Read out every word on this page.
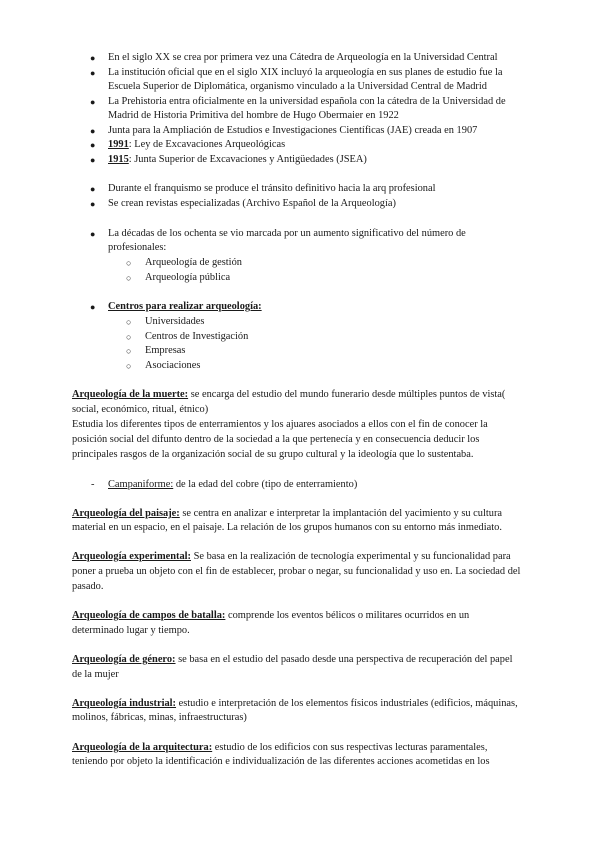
● En el siglo XX se crea por primera vez una Cátedra de Arqueología en la Universidad Central
● La institución oficial que en el siglo XIX incluyó la arqueología en sus planes de estudio fue la
Escuela Superior de Diplomática, organismo vinculado a la Universidad Central de Madrid
● La Prehistoria entra oficialmente en la universidad española con la cátedra de la Universidad de
Madrid de Historia Primitiva del hombre de Hugo Obermaier en 1922
● Junta para la Ampliación de Estudios e Investigaciones Científicas (JAE) creada en 1907
● 1991: Ley de Excavaciones Arqueológicas
● 1915: Junta Superior de Excavaciones y Antigüedades (JSEA)
● Durante el franquismo se produce el tránsito definitivo hacia la arq profesional
● Se crean revistas especializadas (Archivo Español de la Arqueología)
● La décadas de los ochenta se vio marcada por un aumento significativo del número de
profesionales:
○ Arqueología de gestión
○ Arqueología pública
● Centros para realizar arqueología:
○ Universidades
○ Centros de Investigación
○ Empresas
○ Asociaciones
Arqueología de la muerte: se encarga del estudio del mundo funerario desde múltiples puntos de vista(
social, económico, ritual, étnico)
Estudia los diferentes tipos de enterramientos y los ajuares asociados a ellos con el fin de conocer la
posición social del difunto dentro de la sociedad a la que pertenecía y en consecuencia deducir los
principales rasgos de la organización social de su grupo cultural y la ideología que lo sustentaba.
- Campaniforme: de la edad del cobre (tipo de enterramiento)
Arqueología del paisaje: se centra en analizar e interpretar la implantación del yacimiento y su cultura
material en un espacio, en el paisaje. La relación de los grupos humanos con su entorno más inmediato.
Arqueología experimental: Se basa en la realización de tecnología experimental y su funcionalidad para
poner a prueba un objeto con el fin de establecer, probar o negar, su funcionalidad y uso en. La sociedad del
pasado.
Arqueología de campos de batalla: comprende los eventos bélicos o militares ocurridos en un
determinado lugar y tiempo.
Arqueología de género: se basa en el estudio del pasado desde una perspectiva de recuperación del papel
de la mujer
Arqueología industrial: estudio e interpretación de los elementos físicos industriales (edificios, máquinas,
molinos, fábricas, minas, infraestructuras)
Arqueología de la arquitectura: estudio de los edificios con sus respectivas lecturas paramentales,
teniendo por objeto la identificación e individualización de las diferentes acciones acometidas en los
